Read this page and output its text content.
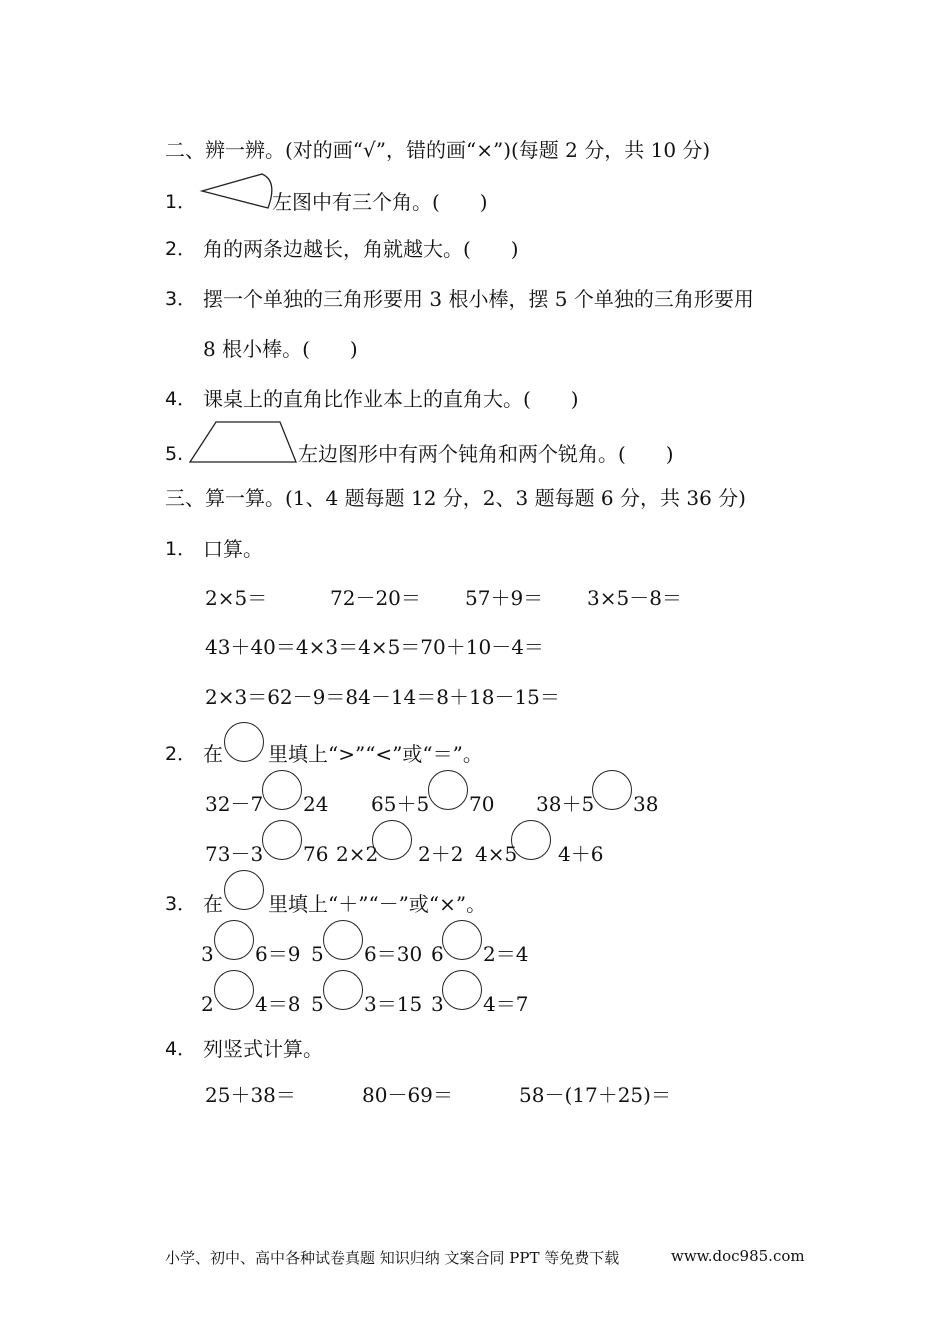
二、辨一辨。(对的画“√”，错的画“×”)(每题 2 分，共 10 分)
1．	左图中有三个角。(　　)
2． 角的两条边越长，角就越大。(　　)
3． 摆一个单独的三角形要用 3 根小棒，摆 5 个单独的三角形要用
8 根小棒。(　　)
4． 课桌上的直角比作业本上的直角大。(　　)
5.	左边图形中有两个钝角和两个锐角。(　　)
三、算一算。(1、4 题每题 12 分，2、3 题每题 6 分，共 36 分)
1． 口算。
2×5＝	72－20＝ 57＋9＝ 3×5－8＝
43＋40＝4×3＝4×5＝70＋10－4＝
2×3＝62－9＝84－14＝8＋18－15＝
2． 在 里填上“>”“<”或“＝”。
32－7 24 65＋5 70 38＋5 38
73－3 76 2×2 2＋2 4×5 4＋6
3． 在 里填上“＋”“－”或“×”。
3 6＝9 5 6＝30 6 2＝4
2 4＝8 5 3＝15 3 4＝7
4． 列竖式计算。
25＋38＝	80－69＝	58－(17＋25)＝
小学、初中、高中各种试卷真题 知识归纳 文案合同 PPT 等免费下载	www.doc985.com
